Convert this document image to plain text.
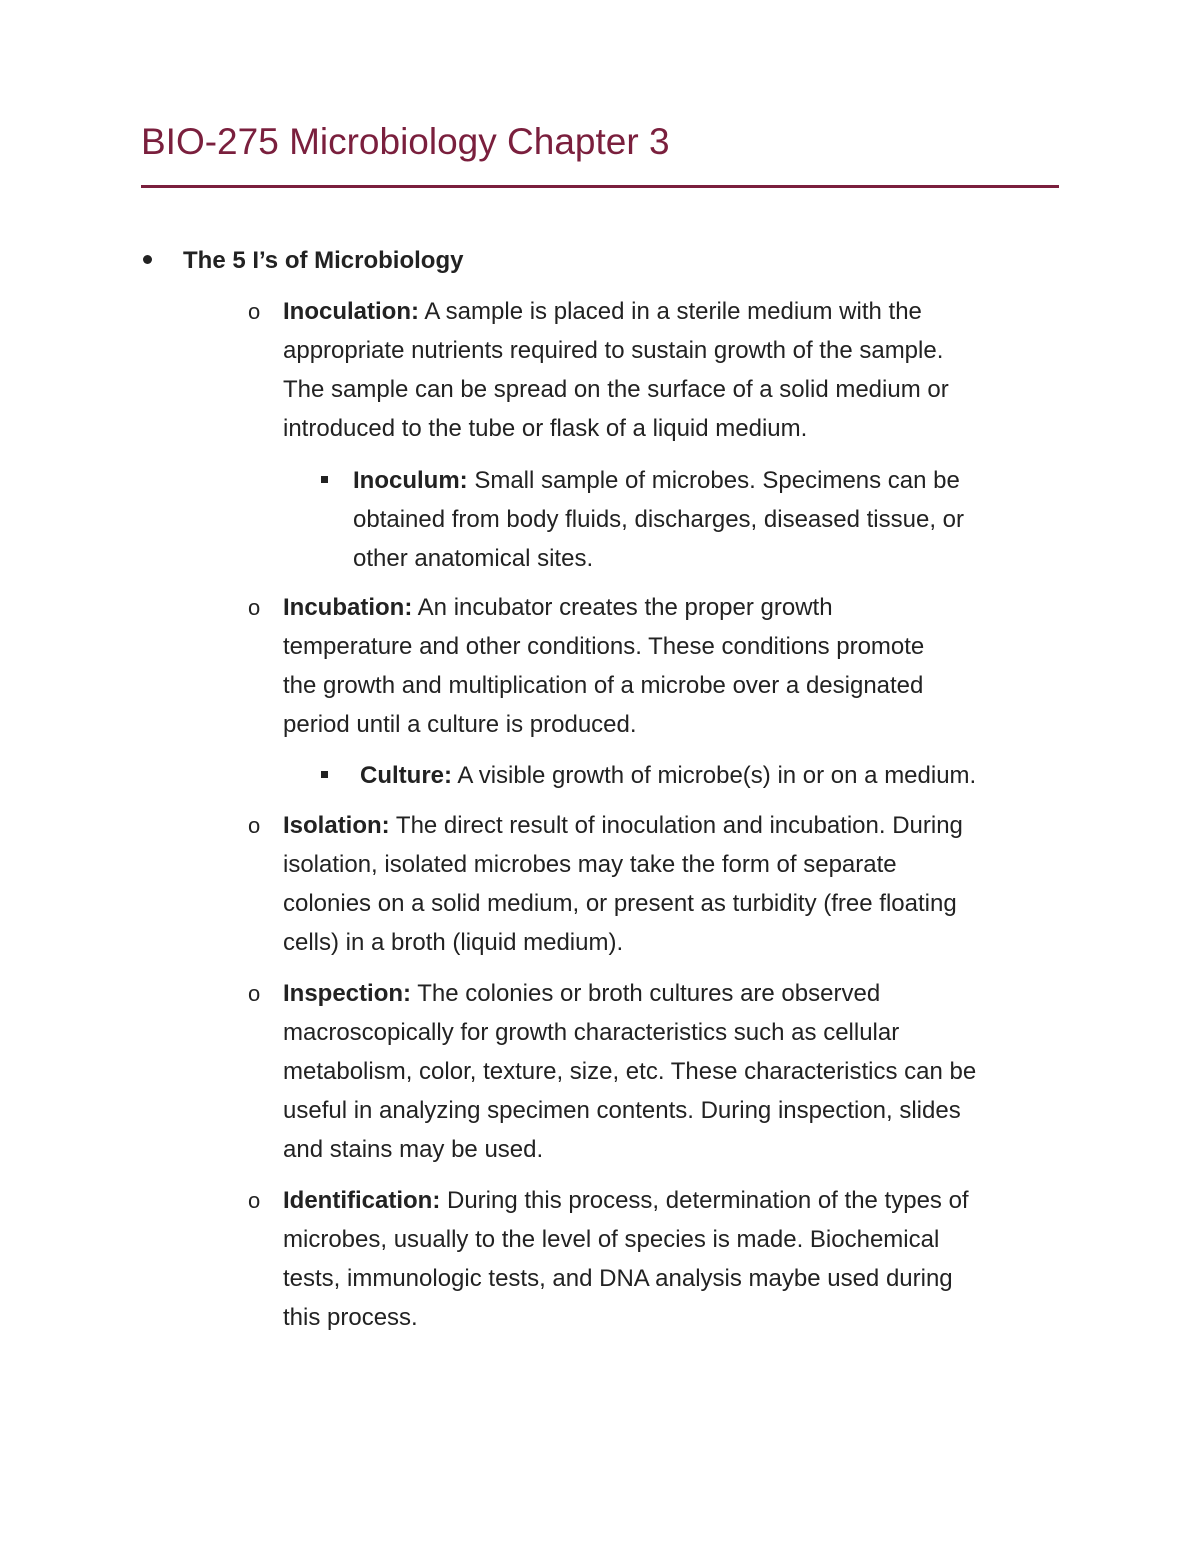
BIO-275 Microbiology Chapter 3
The 5 I’s of Microbiology
o Inoculation: A sample is placed in a sterile medium with the
appropriate nutrients required to sustain growth of the sample.
The sample can be spread on the surface of a solid medium or
introduced to the tube or flask of a liquid medium.
Inoculum: Small sample of microbes. Specimens can be
obtained from body fluids, discharges, diseased tissue, or
other anatomical sites.
o Incubation: An incubator creates the proper growth
temperature and other conditions. These conditions promote
the growth and multiplication of a microbe over a designated
period until a culture is produced.
Culture: A visible growth of microbe(s) in or on a medium.
o Isolation: The direct result of inoculation and incubation. During
isolation, isolated microbes may take the form of separate
colonies on a solid medium, or present as turbidity (free floating
cells) in a broth (liquid medium).
o Inspection: The colonies or broth cultures are observed
macroscopically for growth characteristics such as cellular
metabolism, color, texture, size, etc. These characteristics can be
useful in analyzing specimen contents. During inspection, slides
and stains may be used.
o Identification: During this process, determination of the types of
microbes, usually to the level of species is made. Biochemical
tests, immunologic tests, and DNA analysis maybe used during
this process.
